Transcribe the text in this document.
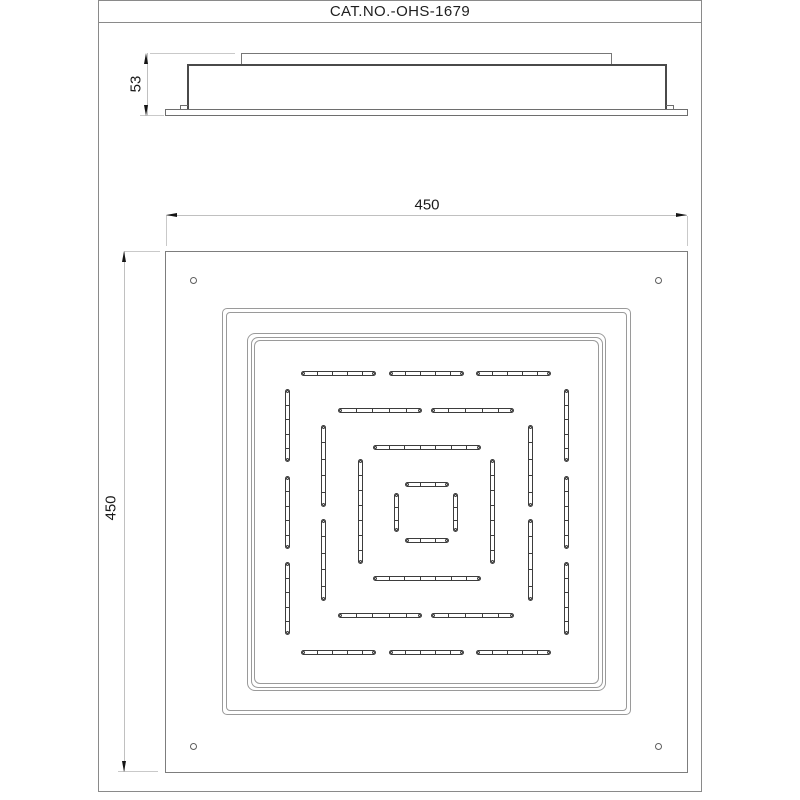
CAT.NO.-OHS-1679
53
450
450
